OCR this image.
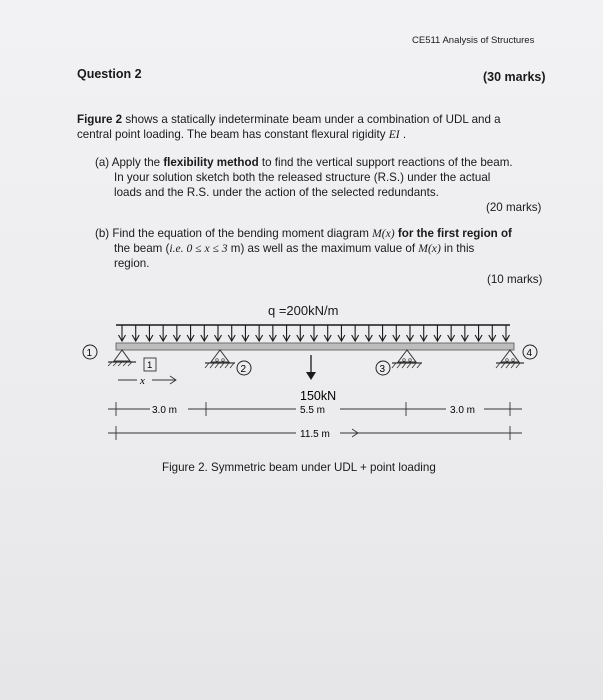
CE511 Analysis of Structures
Question 2	(30 marks)
Figure 2 shows a statically indeterminate beam under a combination of UDL and a
central point loading. The beam has constant flexural rigidity EI .
(a) Apply the flexibility method to find the vertical support reactions of the beam.
In your solution sketch both the released structure (R.S.) under the actual
loads and the R.S. under the action of the selected redundants.
(20 marks)
(b) Find the equation of the bending moment diagram M(x) for the first region of
the beam (i.e. 0 ≤ x ≤ 3 m) as well as the maximum value of M(x) in this
region.
(10 marks)
q =200kN/m
1
1
x
2
150kN
3
4
3.0 m	5.5 m	3.0 m
11.5 m
Figure 2. Symmetric beam under UDL + point loading
